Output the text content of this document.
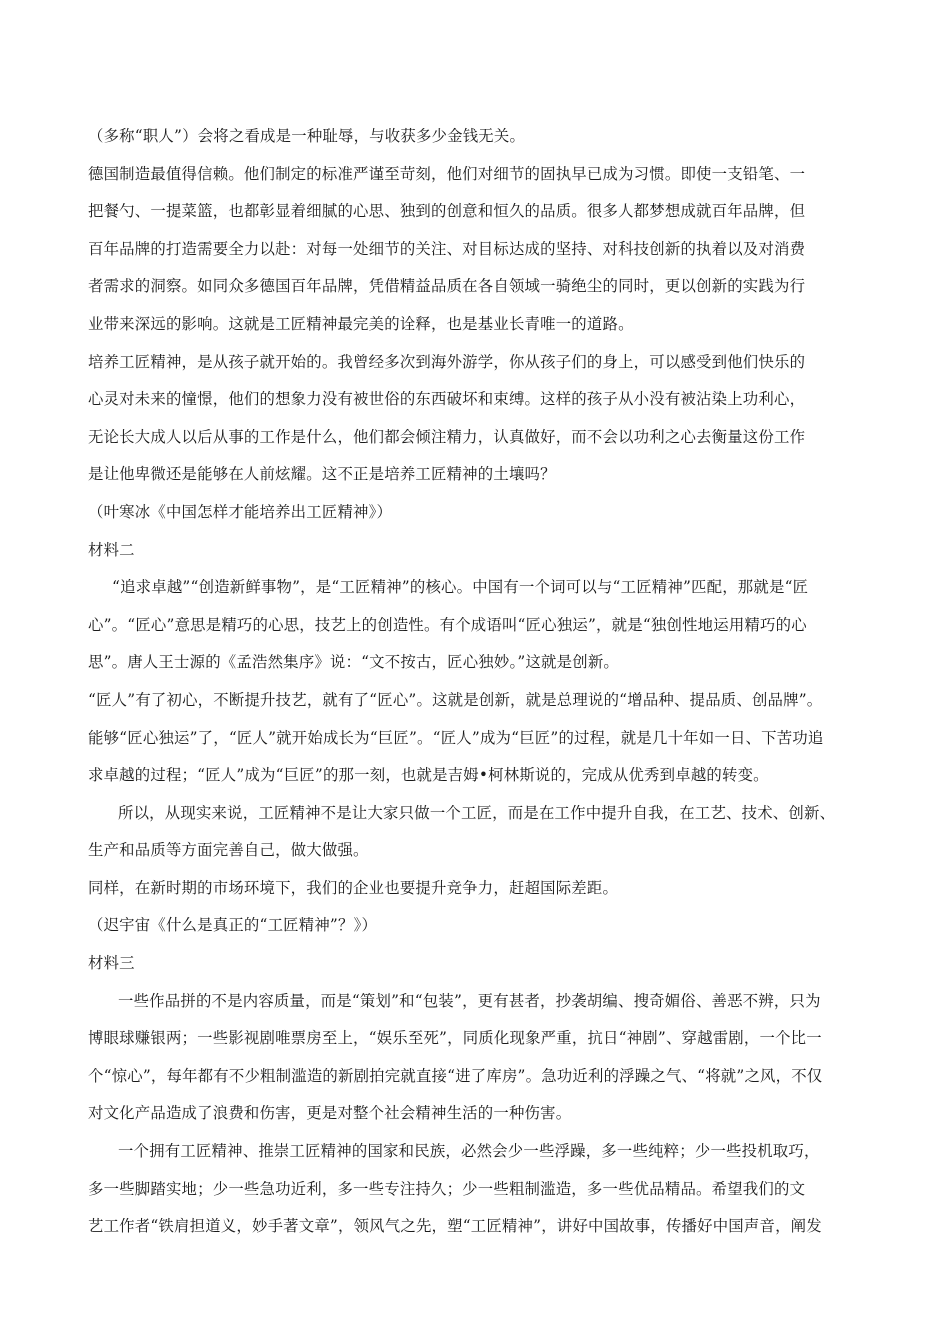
（多称“职人”）会将之看成是一种耻辱，与收获多少金钱无关。
德国制造最值得信赖。他们制定的标准严谨至苛刻，他们对细节的固执早已成为习惯。即使一支铅笔、一
把餐勺、一提菜篮，也都彰显着细腻的心思、独到的创意和恒久的品质。很多人都梦想成就百年品牌，但
百年品牌的打造需要全力以赴：对每一处细节的关注、对目标达成的坚持、对科技创新的执着以及对消费
者需求的洞察。如同众多德国百年品牌，凭借精益品质在各自领域一骑绝尘的同时，更以创新的实践为行
业带来深远的影响。这就是工匠精神最完美的诠释，也是基业长青唯一的道路。
培养工匠精神，是从孩子就开始的。我曾经多次到海外游学，你从孩子们的身上，可以感受到他们快乐的
心灵对未来的憧憬，他们的想象力没有被世俗的东西破坏和束缚。这样的孩子从小没有被沾染上功利心，
无论长大成人以后从事的工作是什么，他们都会倾注精力，认真做好，而不会以功利之心去衡量这份工作
是让他卑微还是能够在人前炫耀。这不正是培养工匠精神的土壤吗？
（叶寒冰《中国怎样才能培养出工匠精神》）
材料二
“追求卓越”“创造新鲜事物”，是“工匠精神”的核心。中国有一个词可以与“工匠精神”匹配，那就是“匠
心”。“匠心”意思是精巧的心思，技艺上的创造性。有个成语叫“匠心独运”，就是“独创性地运用精巧的心
思”。唐人王士源的《孟浩然集序》说：“文不按古，匠心独妙。”这就是创新。
“匠人”有了初心，不断提升技艺，就有了“匠心”。这就是创新，就是总理说的“增品种、提品质、创品牌”。
能够“匠心独运”了，“匠人”就开始成长为“巨匠”。“匠人”成为“巨匠”的过程，就是几十年如一日、下苦功追
求卓越的过程；“匠人”成为“巨匠”的那一刻，也就是吉姆•柯林斯说的，完成从优秀到卓越的转变。
所以，从现实来说，工匠精神不是让大家只做一个工匠，而是在工作中提升自我，在工艺、技术、创新、
生产和品质等方面完善自己，做大做强。
同样，在新时期的市场环境下，我们的企业也要提升竞争力，赶超国际差距。
（迟宇宙《什么是真正的“工匠精神”？》）
材料三
一些作品拼的不是内容质量，而是“策划”和“包装”，更有甚者，抄袭胡编、搜奇媚俗、善恶不辨，只为
博眼球赚银两；一些影视剧唯票房至上，“娱乐至死”，同质化现象严重，抗日“神剧”、穿越雷剧，一个比一
个“惊心”，每年都有不少粗制滥造的新剧拍完就直接“进了库房”。急功近利的浮躁之气、“将就”之风，不仅
对文化产品造成了浪费和伤害，更是对整个社会精神生活的一种伤害。
一个拥有工匠精神、推崇工匠精神的国家和民族，必然会少一些浮躁，多一些纯粹；少一些投机取巧，
多一些脚踏实地；少一些急功近利，多一些专注持久；少一些粗制滥造，多一些优品精品。希望我们的文
艺工作者“铁肩担道义，妙手著文章”，领风气之先，塑“工匠精神”，讲好中国故事，传播好中国声音，阐发
